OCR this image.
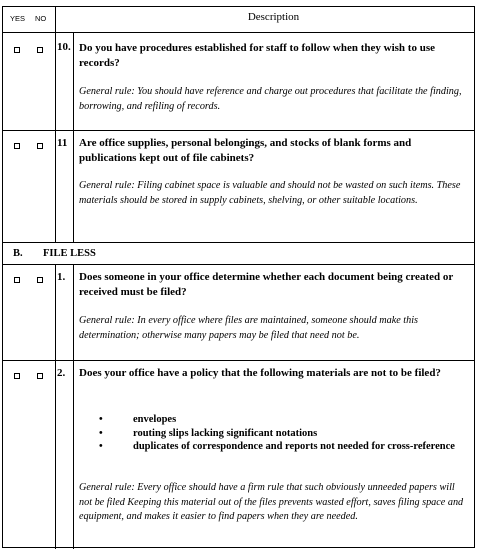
YES NO	Description
10. Do you have procedures established for staff to follow when they wish to use records?
General rule: You should have reference and charge out procedures that facilitate the finding, borrowing, and refiling of records.
11 Are office supplies, personal belongings, and stocks of blank forms and publications kept out of file cabinets?
General rule: Filing cabinet space is valuable and should not be wasted on such items. These materials should be stored in supply cabinets, shelving, or other suitable locations.
B. FILE LESS
1. Does someone in your office determine whether each document being created or received must be filed?
General rule: In every office where files are maintained, someone should make this determination; otherwise many papers may be filed that need not be.
2. Does your office have a policy that the following materials are not to be filed?
•	envelopes
•	routing slips lacking significant notations
•	duplicates of correspondence and reports not needed for cross-reference
General rule: Every office should have a firm rule that such obviously unneeded papers will not be filed Keeping this material out of the files prevents wasted effort, saves filing space and equipment, and makes it easier to find papers when they are needed.
